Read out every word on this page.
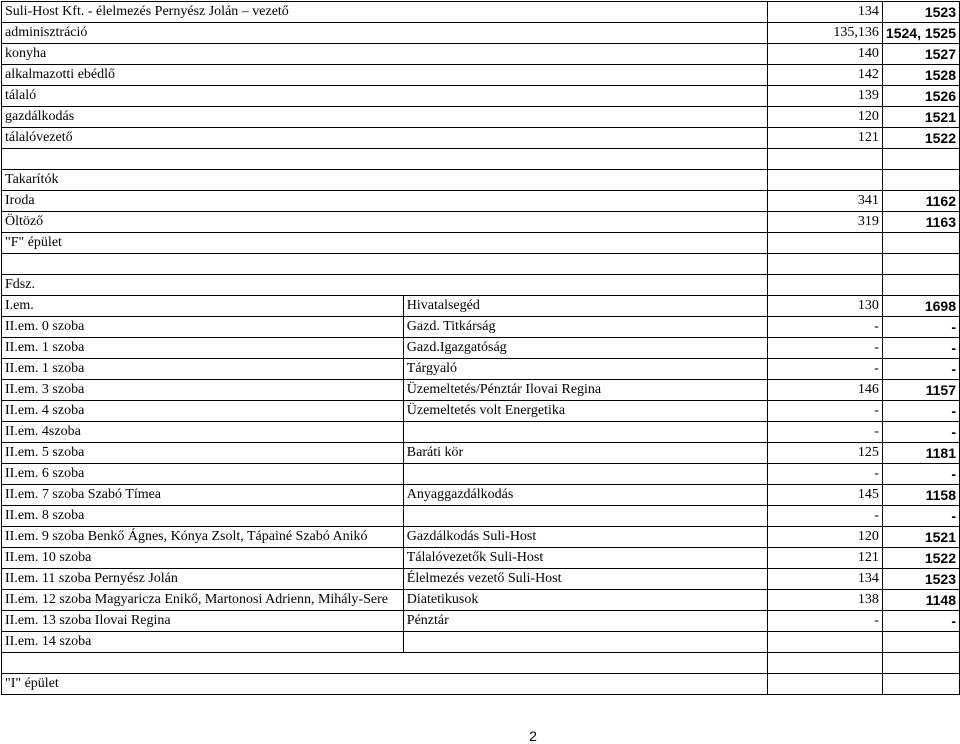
Suli-Host Kft. - élelmezés Pernyész Jolán – vezető		134	1523
adminisztráció		135,136	1524, 1525
konyha		140	1527
alkalmazotti ebédlő		142	1528
tálaló		139	1526
gazdálkodás		120	1521
tálalóvezető		121	1522

Takarítók			
Iroda		341	1162
Öltöző		319	1163
"F" épület			

Fdsz.			
I.em.	Hivatalsegéd	130	1698
II.em. 0 szoba	Gazd. Titkárság	-	-
II.em. 1 szoba	Gazd.Igazgatóság	-	-
II.em. 1 szoba	Tárgyaló	-	-
II.em. 3 szoba	Üzemeltetés/Pénztár Ilovai Regina	146	1157
II.em. 4 szoba	Üzemeltetés volt Energetika	-	-
II.em. 4szoba		-	-
II.em. 5 szoba	Baráti kör	125	1181
II.em. 6 szoba		-	-
II.em. 7 szoba Szabó Tímea	Anyaggazdálkodás	145	1158
II.em. 8 szoba		-	-
II.em. 9 szoba Benkő Ágnes, Kónya Zsolt, Tápainé Szabó Anikó	Gazdálkodás Suli-Host	120	1521
II.em. 10 szoba	Tálalóvezetők Suli-Host	121	1522
II.em. 11 szoba Pernyész Jolán	Élelmezés vezető Suli-Host	134	1523
II.em. 12 szoba Magyaricza Enikő, Martonosi Adrienn, Mihály-Sere	Diatetikusok	138	1148
II.em. 13 szoba Ilovai Regina	Pénztár	-	-
II.em. 14 szoba			

"I" épület			
2
